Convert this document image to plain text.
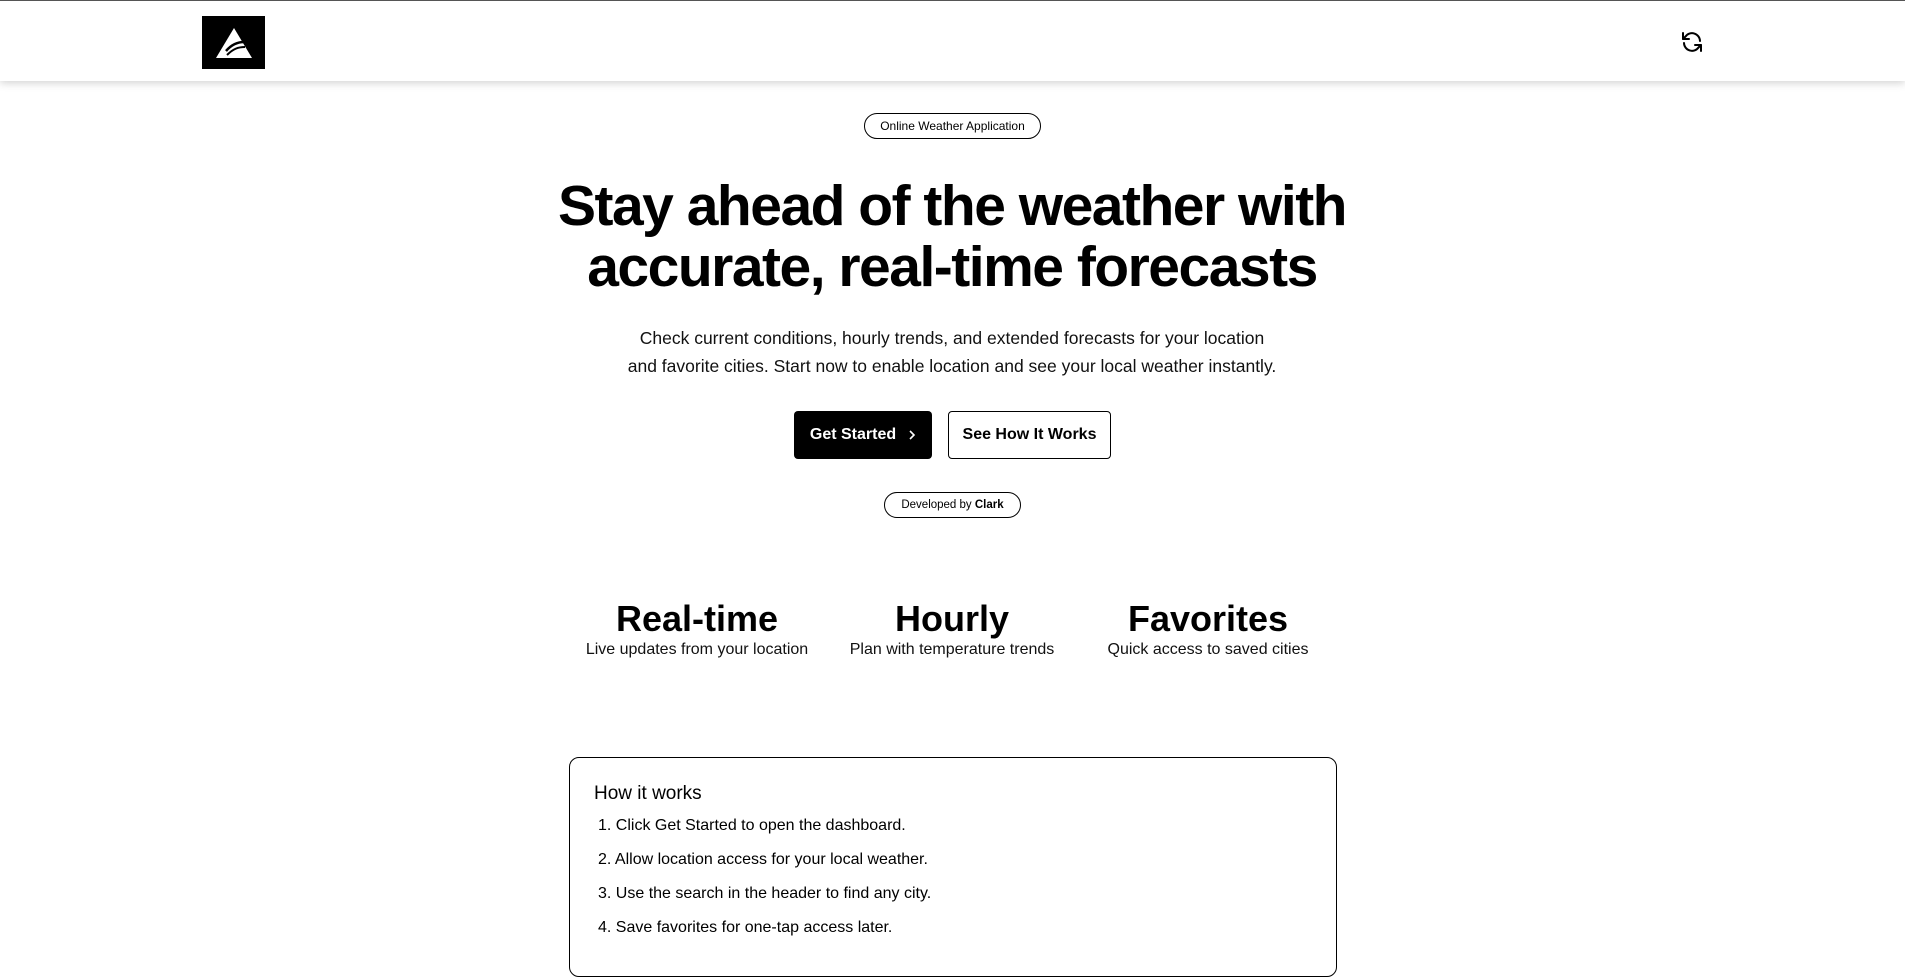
Online Weather Application
Stay ahead of the weather with
accurate, real-time forecasts

Check current conditions, hourly trends, and extended forecasts for your location
and favorite cities. Start now to enable location and see your local weather instantly.

Get Started	See How It Works
Developed by Clark
Real-time
Live updates from your location
Hourly
Plan with temperature trends
Favorites
Quick access to saved cities
How it works
1. Click Get Started to open the dashboard.
2. Allow location access for your local weather.
3. Use the search in the header to find any city.
4. Save favorites for one-tap access later.
